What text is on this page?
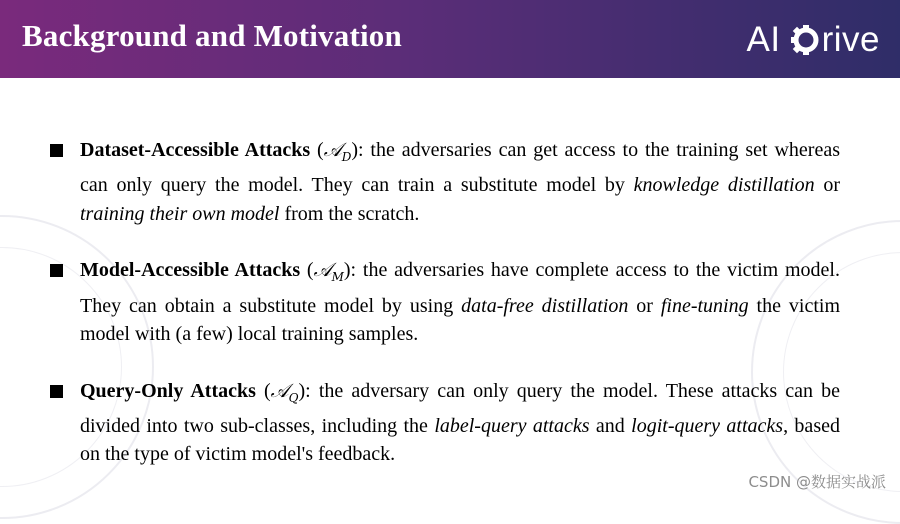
Background and Motivation	AI rive
Dataset-Accessible Attacks (𝒜$_D$): the adversaries can get access to the training set whereas can only query the model. They can train a substitute model by knowledge distillation or training their own model from the scratch.
Model-Accessible Attacks (𝒜$_M$): the adversaries have complete access to the victim model. They can obtain a substitute model by using data-free distillation or fine-tuning the victim model with (a few) local training samples.
Query-Only Attacks (𝒜$_Q$): the adversary can only query the model. These attacks can be divided into two sub-classes, including the label-query attacks and logit-query attacks, based on the type of victim model's feedback.
CSDN @数据实战派
